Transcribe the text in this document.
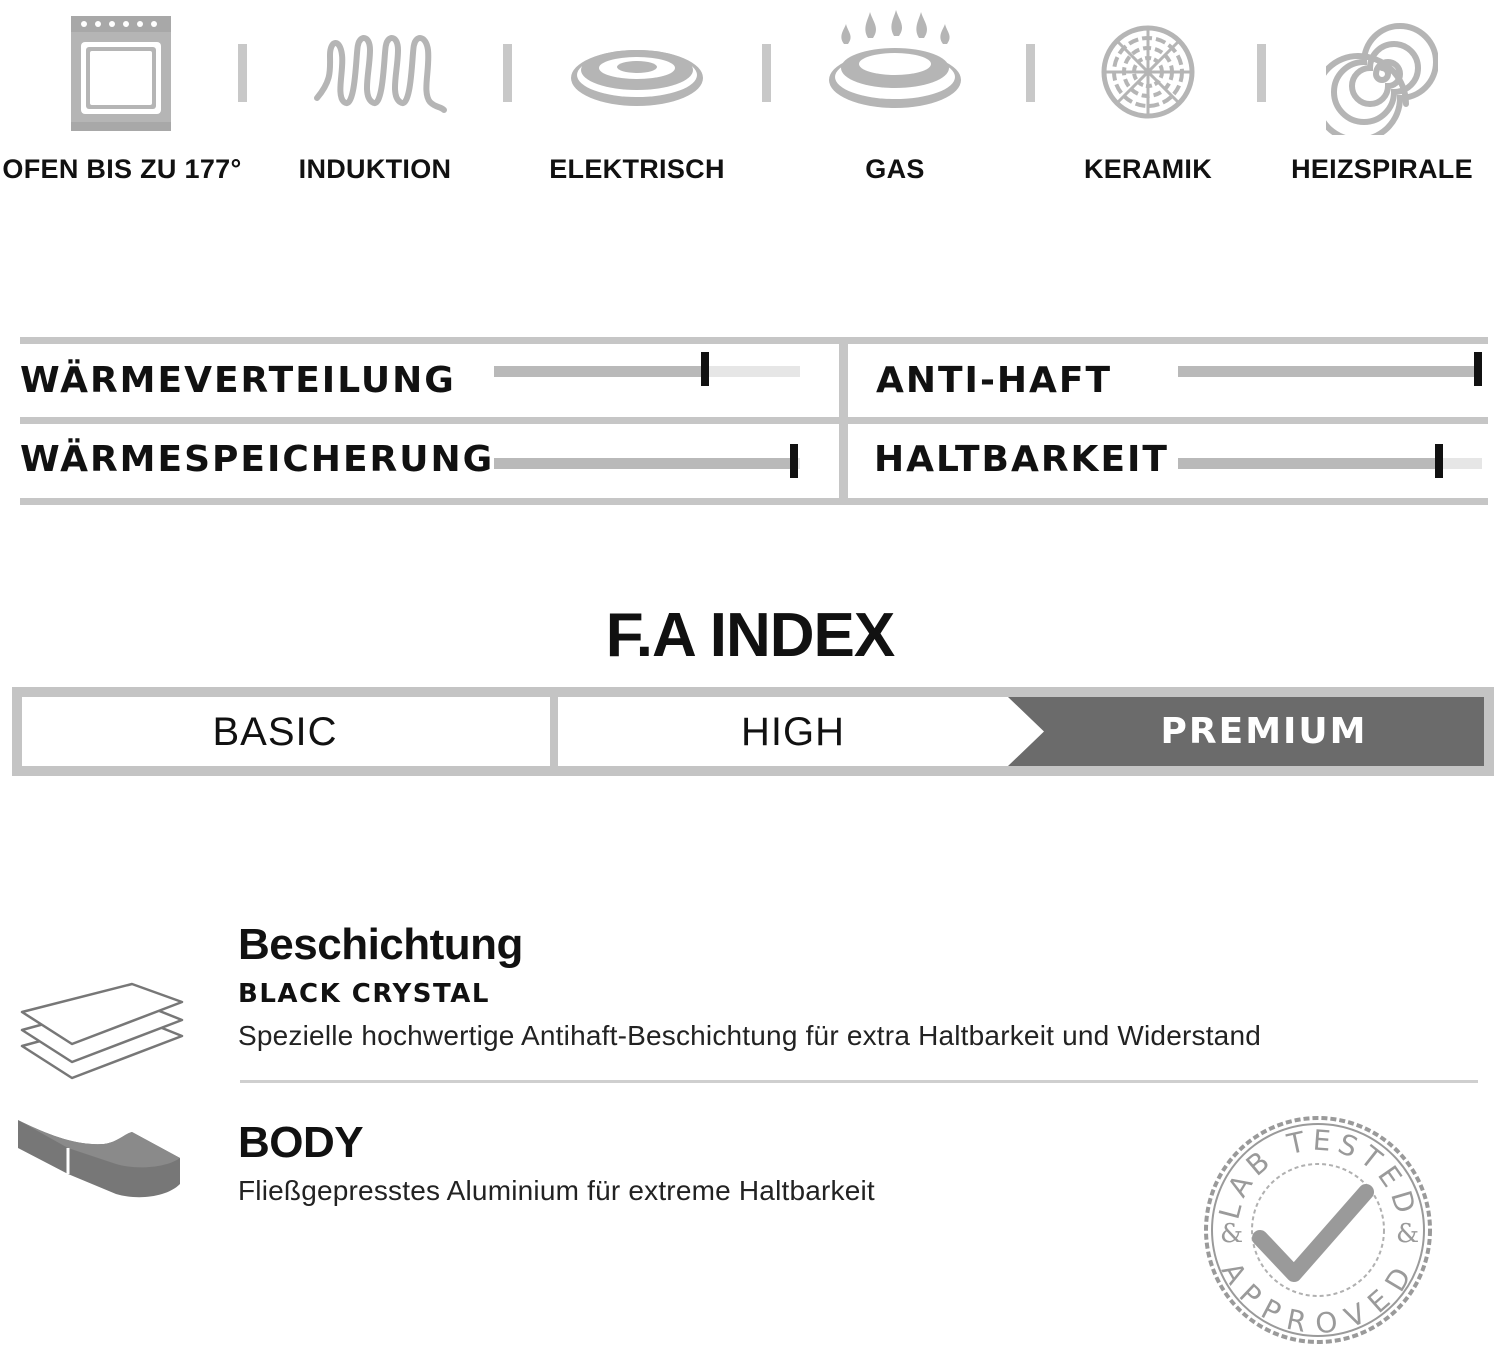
OFEN BIS ZU 177°	INDUKTION	ELEKTRISCH	GAS	KERAMIK	HEIZSPIRALE
WÄRMEVERTEILUNG	ANTI-HAFT
WÄRMESPEICHERUNG	HALTBARKEIT
F.A INDEX
BASIC	HIGH	PREMIUM
Beschichtung
BLACK CRYSTAL
Spezielle hochwertige Antihaft-Beschichtung für extra Haltbarkeit und Widerstand
BODY
Fließgepresstes Aluminium für extreme Haltbarkeit
LAB TESTED
APPROVED
&	&
